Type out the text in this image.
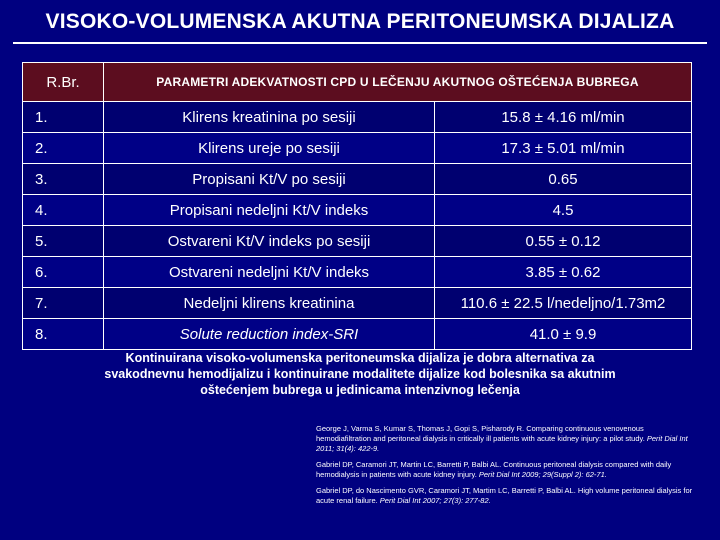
VISOKO-VOLUMENSKA AKUTNA PERITONEUMSKA DIJALIZA
R.Br.	PARAMETRI ADEKVATNOSTI CPD U LEČENJU AKUTNOG OŠTEĆENJA BUBREGA	
1.	Klirens kreatinina po sesiji	15.8 ± 4.16 ml/min
2.	Klirens ureje po sesiji	17.3 ± 5.01 ml/min
3.	Propisani Kt/V po sesiji	0.65
4.	Propisani nedeljni Kt/V indeks	4.5
5.	Ostvareni Kt/V indeks po sesiji	0.55 ± 0.12
6.	Ostvareni nedeljni Kt/V indeks	3.85 ± 0.62
7.	Nedeljni klirens kreatinina	110.6 ± 22.5 l/nedeljno/1.73m2
8.	Solute reduction index-SRI	41.0 ± 9.9
Kontinuirana visoko-volumenska peritoneumska dijaliza je dobra alternativa za svakodnevnu hemodijalizu i kontinuirane modalitete dijalize kod bolesnika sa akutnim oštećenjem bubrega u jedinicama intenzivnog lečenja

George J, Varma S, Kumar S, Thomas J, Gopi S, Pisharody R. Comparing continuous venovenous hemodiafiltration and peritoneal dialysis in critically ill patients with acute kidney injury: a pilot study. Perit Dial Int 2011; 31(4): 422-9.

Gabriel DP, Caramori JT, Martin LC, Barretti P, Balbi AL. Continuous peritoneal dialysis compared with daily hemodialysis in patients with acute kidney injury. Perit Dial Int 2009; 29(Suppl 2): 62-71.

Gabriel DP, do Nascimento GVR, Caramori JT, Martim LC, Barretti P, Balbi AL. High volume peritoneal dialysis for acute renal failure. Perit Dial Int 2007; 27(3): 277-82.
